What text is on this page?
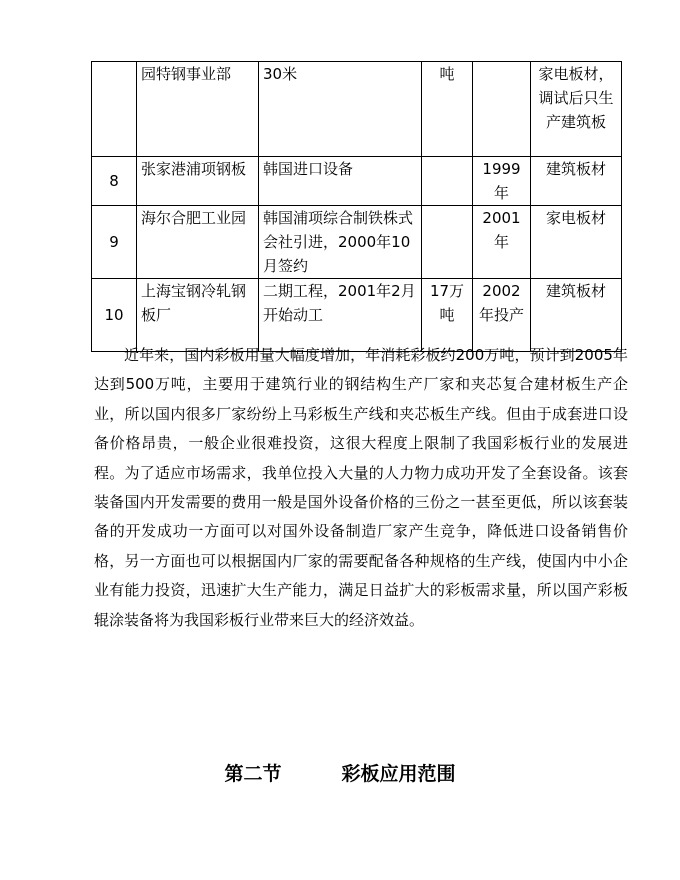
	园特钢事业部	30米	吨		家电板材，调试后只生产建筑板
8	张家港浦项钢板	韩国进口设备		1999年	建筑板材
9	海尔合肥工业园	韩国浦项综合制铁株式会社引进，2000年10月签约		2001年	家电板材
10	上海宝钢冷轧钢板厂	二期工程，2001年2月开始动工	17万吨	2002年投产	建筑板材

近年来，国内彩板用量大幅度增加，年消耗彩板约200万吨，预计到2005年达到500万吨，主要用于建筑行业的钢结构生产厂家和夹芯复合建材板生产企业，所以国内很多厂家纷纷上马彩板生产线和夹芯板生产线。但由于成套进口设备价格昂贵，一般企业很难投资，这很大程度上限制了我国彩板行业的发展进程。为了适应市场需求，我单位投入大量的人力物力成功开发了全套设备。该套装备国内开发需要的费用一般是国外设备价格的三份之一甚至更低，所以该套装备的开发成功一方面可以对国外设备制造厂家产生竞争，降低进口设备销售价格，另一方面也可以根据国内厂家的需要配备各种规格的生产线，使国内中小企业有能力投资，迅速扩大生产能力，满足日益扩大的彩板需求量，所以国产彩板辊涂装备将为我国彩板行业带来巨大的经济效益。

第二节	彩板应用范围
